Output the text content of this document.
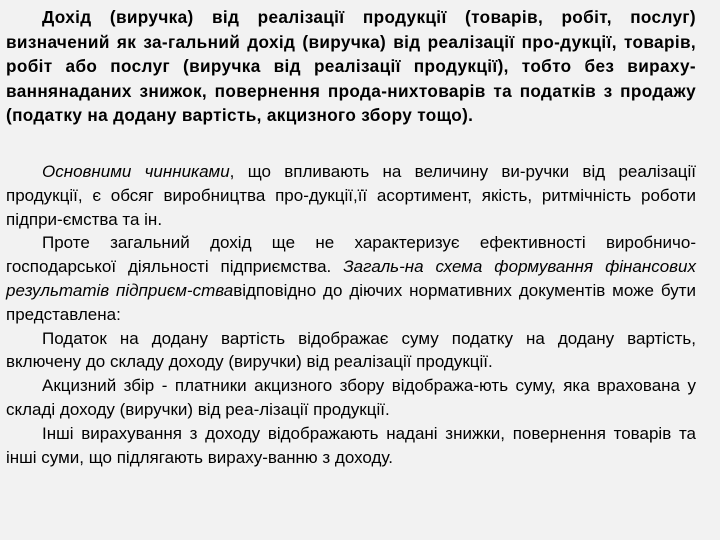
Дохід (виручка) від реалізації продукції (товарів, робіт, послуг) визначений як за-гальний дохід (виручка) від реалізації про-дукції, товарів, робіт або послуг (виручка від реалізації продукції), тобто без вираху-ваннянаданих знижок, повернення прода-нихтоварів та податків з продажу (податку на додану вартість, акцизного збору тощо).

Основними чинниками, що впливають на величину ви-ручки від реалізації продукції, є обсяг виробництва про-дукції,її асортимент, якість, ритмічність роботи підпри-ємства та ін.

Проте загальний дохід ще не характеризує ефективності виробничо-господарської діяльності підприємства. Загаль-на схема формування фінансових результатів підприєм-ствавідповідно до діючих нормативних документів може бути представлена:

Податок на додану вартість відображає суму податку на додану вартість, включену до складу доходу (виручки) від реалізації продукції.

Акцизний збір - платники акцизного збору відобража-ють суму, яка врахована у складі доходу (виручки) від реа-лізації продукції.

Інші вирахування з доходу відображають надані знижки, повернення товарів та інші суми, що підлягають вираху-ванню з доходу.
